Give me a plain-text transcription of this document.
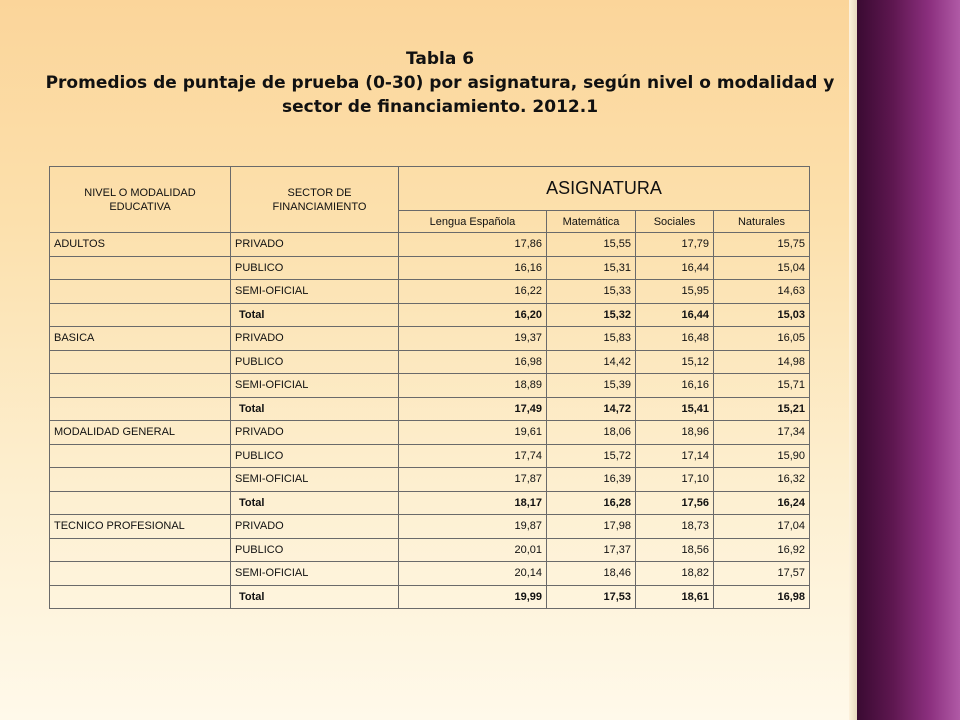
Tabla 6
Promedios de puntaje de prueba (0-30) por asignatura, según nivel o modalidad y sector de financiamiento. 2012.1
NIVEL O MODALIDAD EDUCATIVA	SECTOR DE FINANCIAMIENTO	ASIGNATURA			
		Lengua Española	Matemática	Sociales	Naturales
ADULTOS	PRIVADO	17,86	15,55	17,79	15,75
	PUBLICO	16,16	15,31	16,44	15,04
	SEMI-OFICIAL	16,22	15,33	15,95	14,63
	Total	16,20	15,32	16,44	15,03
BASICA	PRIVADO	19,37	15,83	16,48	16,05
	PUBLICO	16,98	14,42	15,12	14,98
	SEMI-OFICIAL	18,89	15,39	16,16	15,71
	Total	17,49	14,72	15,41	15,21
MODALIDAD GENERAL	PRIVADO	19,61	18,06	18,96	17,34
	PUBLICO	17,74	15,72	17,14	15,90
	SEMI-OFICIAL	17,87	16,39	17,10	16,32
	Total	18,17	16,28	17,56	16,24
TECNICO PROFESIONAL	PRIVADO	19,87	17,98	18,73	17,04
	PUBLICO	20,01	17,37	18,56	16,92
	SEMI-OFICIAL	20,14	18,46	18,82	17,57
	Total	19,99	17,53	18,61	16,98
